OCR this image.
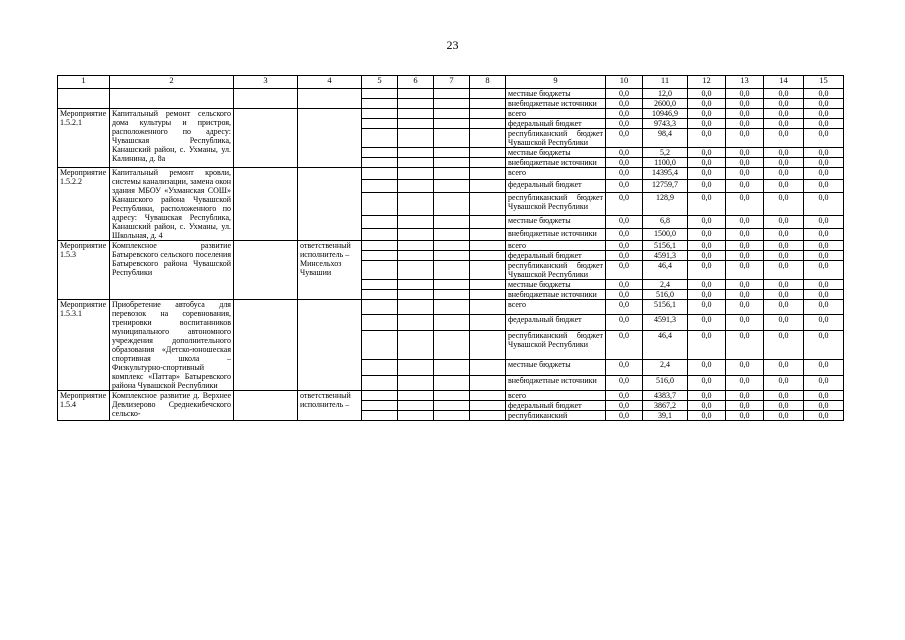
23
1	2	3	4	5	6	7	8	9	10	11	12	13	14	15
								местные бюджеты	0,0	12,0	0,0	0,0	0,0	0,0
								внебюджетные источники	0,0	2600,0	0,0	0,0	0,0	0,0
Мероприятие 1.5.2.1	Капитальный ремонт сельского дома культуры и пристроя, расположенного по адресу: Чувашская Республика, Канашский район, с. Ухманы, ул. Калинина, д. 8а							всего	0,0	10946,9	0,0	0,0	0,0	0,0
								федеральный бюджет	0,0	9743,3	0,0	0,0	0,0	0,0
								республиканский бюджет Чувашской Республики	0,0	98,4	0,0	0,0	0,0	0,0
								местные бюджеты	0,0	5,2	0,0	0,0	0,0	0,0
								внебюджетные источники	0,0	1100,0	0,0	0,0	0,0	0,0
Мероприятие 1.5.2.2	Капитальный ремонт кровли, системы канализации, замена окон здания МБОУ «Ухманская СОШ» Канашского района Чувашской Республики, расположенного по адресу: Чувашская Республика, Канашский район, с. Ухманы, ул. Школьная, д. 4							всего	0,0	14395,4	0,0	0,0	0,0	0,0
								федеральный бюджет	0,0	12759,7	0,0	0,0	0,0	0,0
								республиканский бюджет Чувашской Республики	0,0	128,9	0,0	0,0	0,0	0,0
								местные бюджеты	0,0	6,8	0,0	0,0	0,0	0,0
								внебюджетные источники	0,0	1500,0	0,0	0,0	0,0	0,0
Мероприятие 1.5.3	Комплексное развитие Батыревского сельского поселения Батыревского района Чувашской Республики		ответственный исполнитель – Минсельхоз Чувашии					всего	0,0	5156,1	0,0	0,0	0,0	0,0
								федеральный бюджет	0,0	4591,3	0,0	0,0	0,0	0,0
								республиканский бюджет Чувашской Республики	0,0	46,4	0,0	0,0	0,0	0,0
								местные бюджеты	0,0	2,4	0,0	0,0	0,0	0,0
								внебюджетные источники	0,0	516,0	0,0	0,0	0,0	0,0
Мероприятие 1.5.3.1	Приобретение автобуса для перевозок на соревнования, тренировки воспитанников муниципального автономного учреждения дополнительного образования «Детско-юношеская спортивная школа – Физкультурно-спортивный комплекс «Паттар» Батыревского района Чувашской Республики							всего	0,0	5156,1	0,0	0,0	0,0	0,0
								федеральный бюджет	0,0	4591,3	0,0	0,0	0,0	0,0
								республиканский бюджет Чувашской Республики	0,0	46,4	0,0	0,0	0,0	0,0
								местные бюджеты	0,0	2,4	0,0	0,0	0,0	0,0
								внебюджетные источники	0,0	516,0	0,0	0,0	0,0	0,0
Мероприятие 1.5.4	Комплексное развитие д. Верхнее Девлизерово Среднекибечского сельско-		ответственный исполнитель –					всего	0,0	4383,7	0,0	0,0	0,0	0,0
								федеральный бюджет	0,0	3867,2	0,0	0,0	0,0	0,0
								республиканский	0,0	39,1	0,0	0,0	0,0	0,0
